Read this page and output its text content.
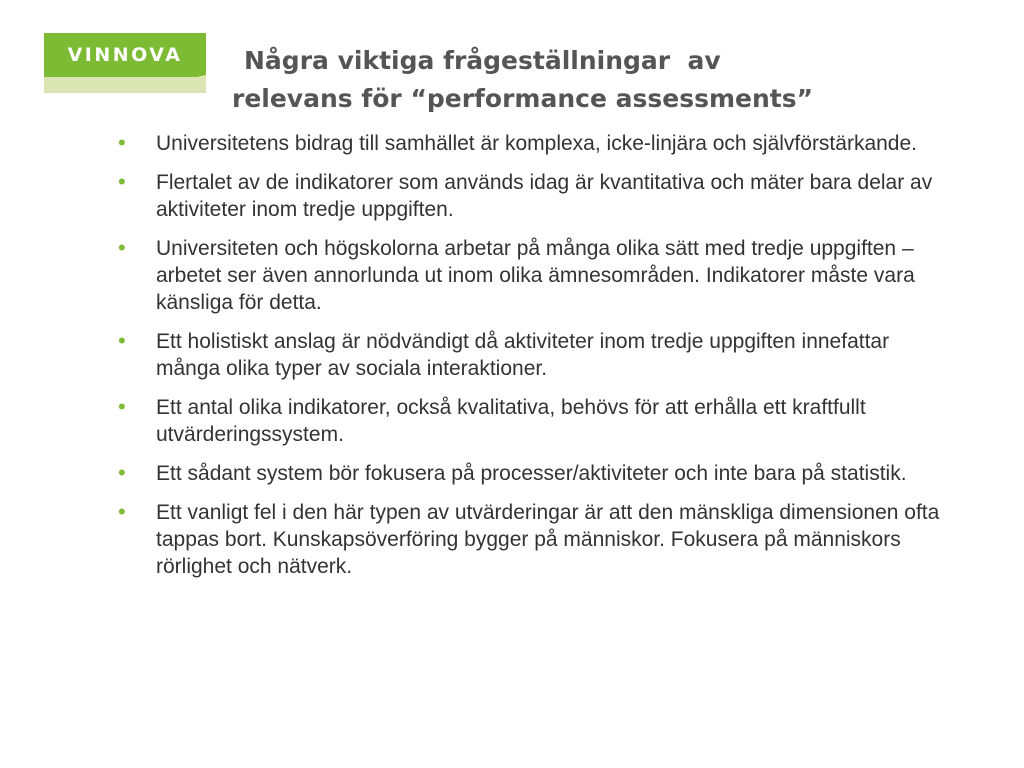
VINNOVA	Några viktiga frågeställningar  av
relevans för “performance assessments”
• Universitetens bidrag till samhället är komplexa, icke-linjära och självförstärkande.
• Flertalet av de indikatorer som används idag är kvantitativa och mäter bara delar av aktiviteter inom tredje uppgiften.
• Universiteten och högskolorna arbetar på många olika sätt med tredje uppgiften – arbetet ser även annorlunda ut inom olika ämnesområden. Indikatorer måste vara känsliga för detta.
• Ett holistiskt anslag är nödvändigt då aktiviteter inom tredje uppgiften innefattar många olika typer av sociala interaktioner.
• Ett antal olika indikatorer, också kvalitativa, behövs för att erhålla ett kraftfullt utvärderingssystem.
• Ett sådant system bör fokusera på processer/aktiviteter och inte bara på statistik.
• Ett vanligt fel i den här typen av utvärderingar är att den mänskliga dimensionen ofta tappas bort. Kunskapsöverföring bygger på människor. Fokusera på människors rörlighet och nätverk.
